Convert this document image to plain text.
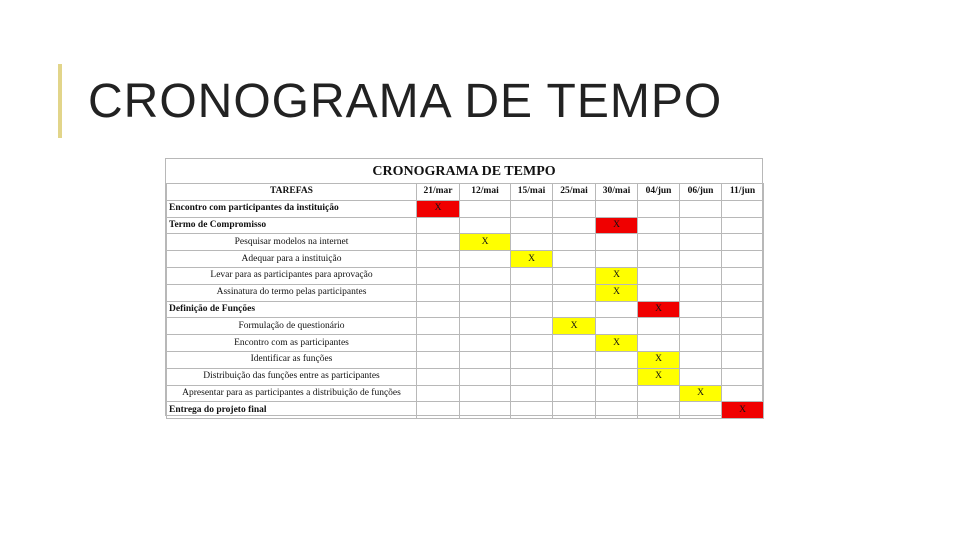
CRONOGRAMA DE TEMPO
CRONOGRAMA DE TEMPO
TAREFAS	21/mar	12/mai	15/mai	25/mai	30/mai	04/jun	06/jun	11/jun
Encontro com participantes da instituição	X							
Termo de Compromisso					X			
Pesquisar modelos na internet		X						
Adequar para a instituição			X					
Levar para as participantes para aprovação					X			
Assinatura do termo pelas participantes					X			
Definição de Funções						X		
Formulação de questionário				X				
Encontro com as participantes					X			
Identificar as funções						X		
Distribuição das funções entre as participantes						X		
Apresentar para as participantes a distribuição de funções							X	
Entrega do projeto final								X
